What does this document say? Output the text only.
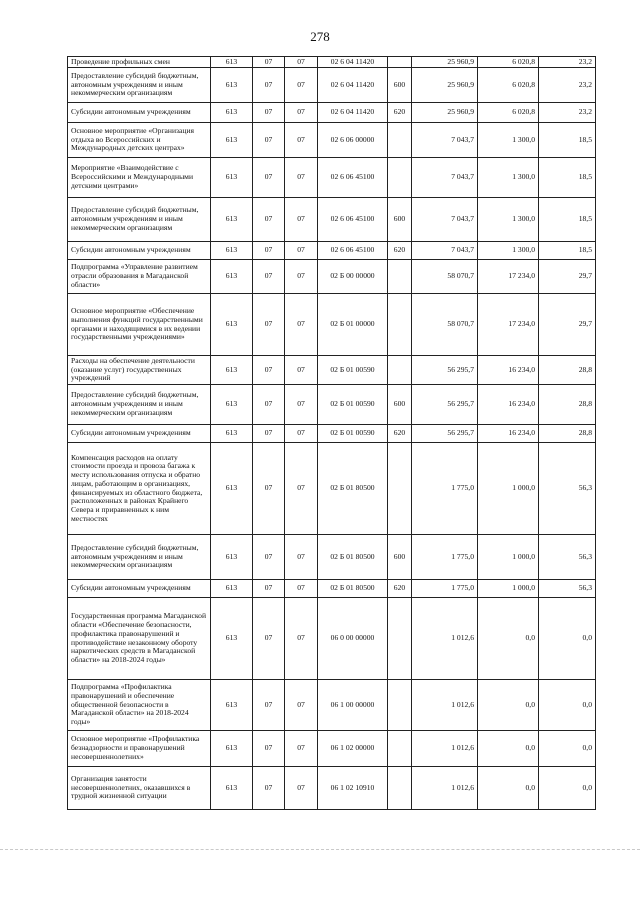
278
Проведение профильных смен	613	07	07	02 6 04 11420		25 960,9	6 020,8	23,2
Предоставление субсидий бюджетным, автономным учреждениям и иным некоммерческим организациям	613	07	07	02 6 04 11420	600	25 960,9	6 020,8	23,2
Субсидии автономным учреждениям	613	07	07	02 6 04 11420	620	25 960,9	6 020,8	23,2
Основное мероприятие «Организация отдыха во Всероссийских и Международных детских центрах»	613	07	07	02 6 06 00000		7 043,7	1 300,0	18,5
Мероприятие «Взаимодействие с Всероссийскими и Международными детскими центрами»	613	07	07	02 6 06 45100		7 043,7	1 300,0	18,5
Предоставление субсидий бюджетным, автономным учреждениям и иным некоммерческим организациям	613	07	07	02 6 06 45100	600	7 043,7	1 300,0	18,5
Субсидии автономным учреждениям	613	07	07	02 6 06 45100	620	7 043,7	1 300,0	18,5
Подпрограмма «Управление развитием отрасли образования в Магаданской области»	613	07	07	02 Б 00 00000		58 070,7	17 234,0	29,7
Основное мероприятие «Обеспечение выполнения функций государственными органами и находящимися в их ведении государственными учреждениями»	613	07	07	02 Б 01 00000		58 070,7	17 234,0	29,7
Расходы на обеспечение деятельности (оказание услуг) государственных учреждений	613	07	07	02 Б 01 00590		56 295,7	16 234,0	28,8
Предоставление субсидий бюджетным, автономным учреждениям и иным некоммерческим организациям	613	07	07	02 Б 01 00590	600	56 295,7	16 234,0	28,8
Субсидии автономным учреждениям	613	07	07	02 Б 01 00590	620	56 295,7	16 234,0	28,8
Компенсация расходов на оплату стоимости проезда и провоза багажа к месту использования отпуска и обратно лицам, работающим в организациях, финансируемых из областного бюджета, расположенных в районах Крайнего Севера и приравненных к ним местностях	613	07	07	02 Б 01 80500		1 775,0	1 000,0	56,3
Предоставление субсидий бюджетным, автономным учреждениям и иным некоммерческим организациям	613	07	07	02 Б 01 80500	600	1 775,0	1 000,0	56,3
Субсидии автономным учреждениям	613	07	07	02 Б 01 80500	620	1 775,0	1 000,0	56,3
Государственная программа Магаданской области «Обеспечение безопасности, профилактика правонарушений и противодействие незаконному обороту наркотических средств в Магаданской области» на 2018-2024 годы»	613	07	07	06 0 00 00000		1 012,6	0,0	0,0
Подпрограмма «Профилактика правонарушений и обеспечение общественной безопасности в Магаданской области» на 2018-2024 годы»	613	07	07	06 1 00 00000		1 012,6	0,0	0,0
Основное мероприятие «Профилактика безнадзорности и правонарушений несовершеннолетних»	613	07	07	06 1 02 00000		1 012,6	0,0	0,0
Организация занятости несовершеннолетних, оказавшихся в трудной жизненной ситуации	613	07	07	06 1 02 10910		1 012,6	0,0	0,0
